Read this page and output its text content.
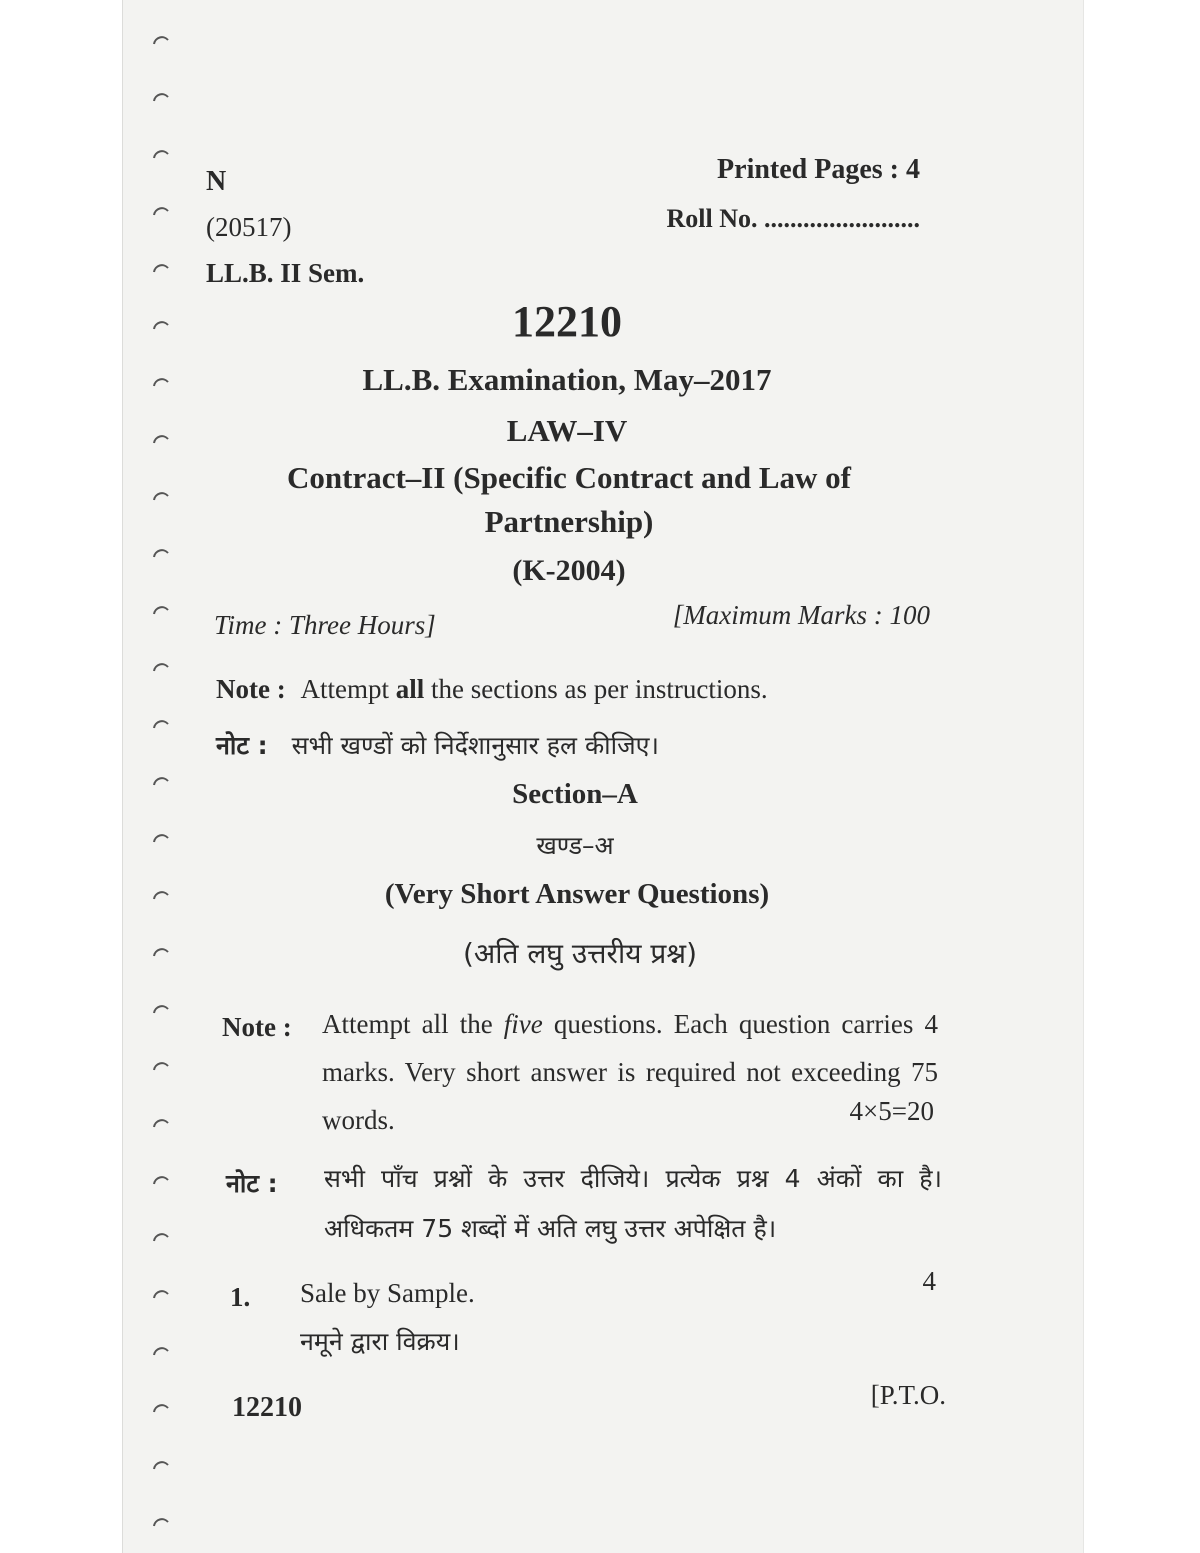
N
(20517)
LL.B. II Sem.
Printed Pages : 4
Roll No. ........................
12210
LL.B. Examination, May–2017
LAW–IV
Contract–II (Specific Contract and Law of
Partnership)
(K-2004)
Time : Three Hours]	[Maximum Marks : 100
Note : Attempt all the sections as per instructions.
नोट : सभी खण्डों को निर्देशानुसार हल कीजिए।
Section–A
खण्ड–अ
(Very Short Answer Questions)
(अति लघु उत्तरीय प्रश्न)
Note : Attempt all the five questions. Each question carries 4 marks. Very short answer is required not exceeding 75 words.	4×5=20
नोट : सभी पाँच प्रश्नों के उत्तर दीजिये। प्रत्येक प्रश्न 4 अंकों का है। अधिकतम 75 शब्दों में अति लघु उत्तर अपेक्षित है।
1. Sale by Sample.
नमूने द्वारा विक्रय।
4
12210	[P.T.O.
